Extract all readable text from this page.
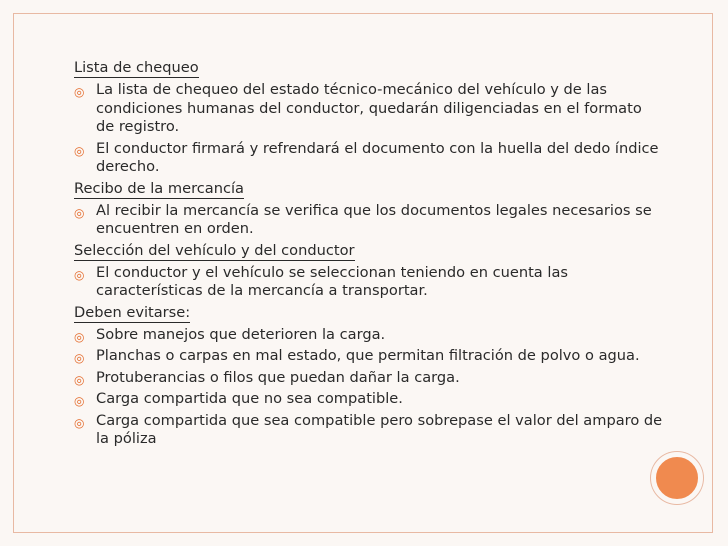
Lista de chequeo
◎ La lista de chequeo del estado técnico-mecánico del vehículo y de las condiciones humanas del conductor, quedarán diligenciadas en el formato de registro.
◎ El conductor firmará y refrendará el documento con la huella del dedo índice derecho.
Recibo de la mercancía
◎ Al recibir la mercancía se verifica que los documentos legales necesarios se encuentren en orden.
Selección del vehículo y del conductor
◎ El conductor y el vehículo se seleccionan teniendo en cuenta las características de la mercancía a transportar.
Deben evitarse:
◎ Sobre manejos que deterioren la carga.
◎ Planchas o carpas en mal estado, que permitan filtración de polvo o agua.
◎ Protuberancias o filos que puedan dañar la carga.
◎ Carga compartida que no sea compatible.
◎ Carga compartida que sea compatible pero sobrepase el valor del amparo de la póliza
